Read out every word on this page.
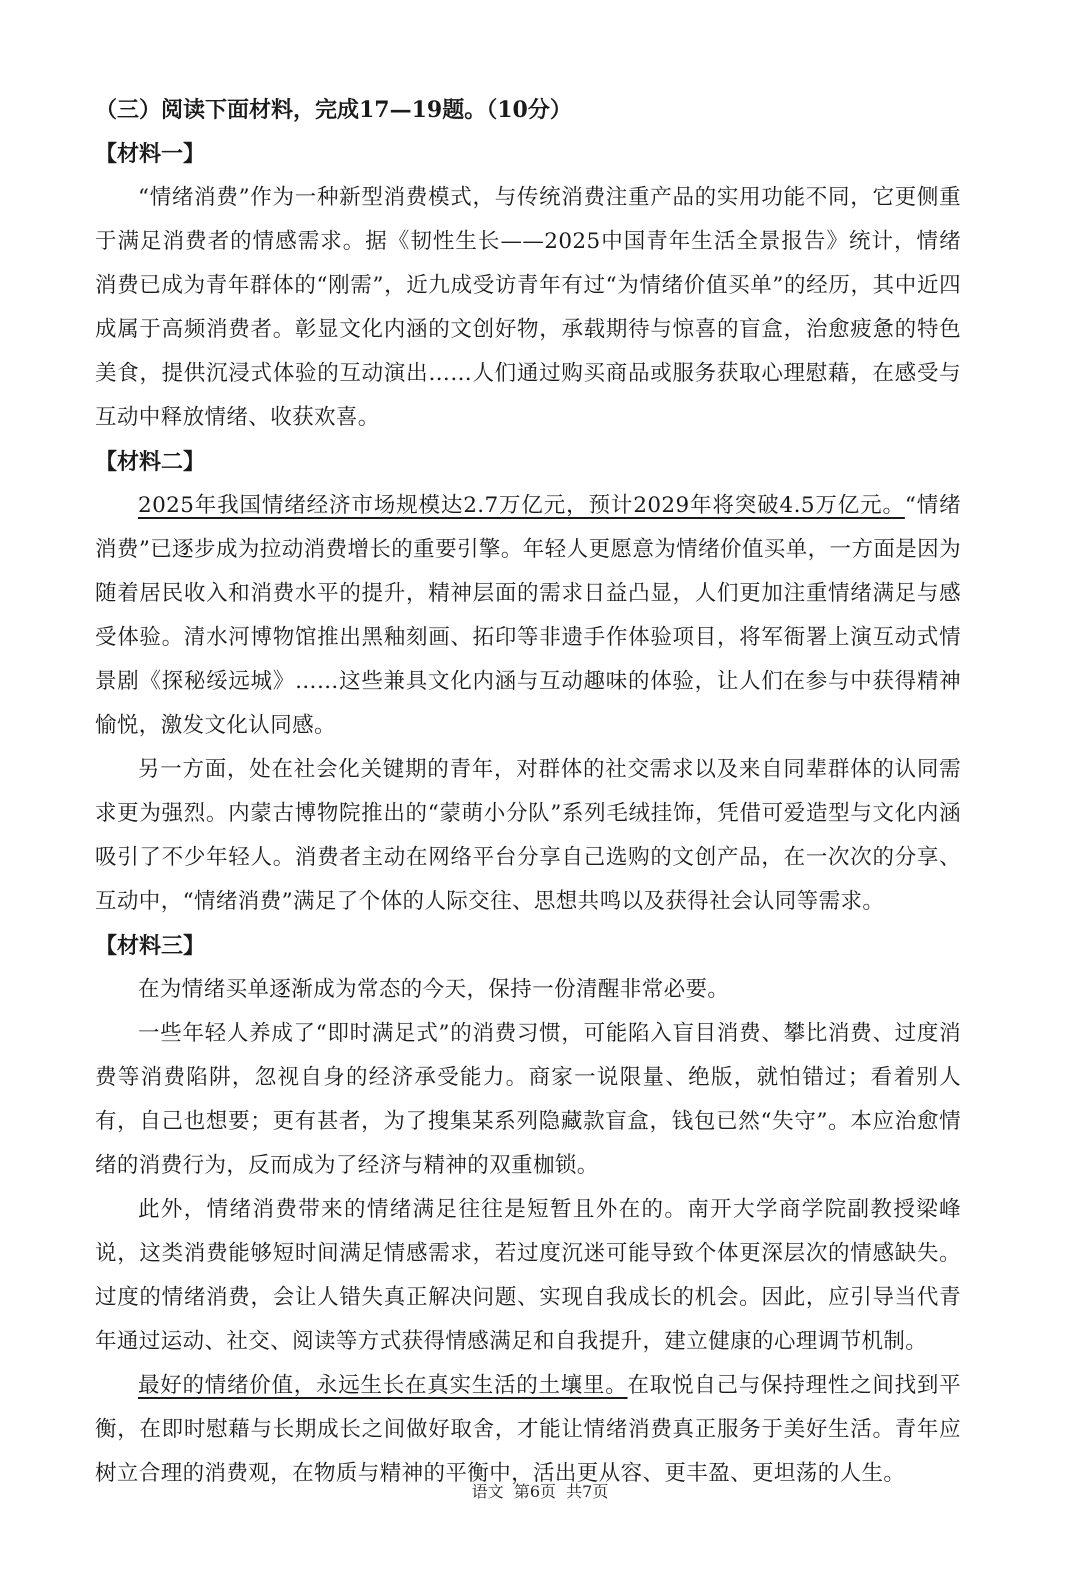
（三）阅读下面材料，完成17—19题。（10分）

【材料一】

“情绪消费”作为一种新型消费模式，与传统消费注重产品的实用功能不同，它更侧重于满足消费者的情感需求。据《韧性生长——2025中国青年生活全景报告》统计，情绪消费已成为青年群体的“刚需”，近九成受访青年有过“为情绪价值买单”的经历，其中近四成属于高频消费者。彰显文化内涵的文创好物，承载期待与惊喜的盲盒，治愈疲惫的特色美食，提供沉浸式体验的互动演出……人们通过购买商品或服务获取心理慰藉，在感受与互动中释放情绪、收获欢喜。

【材料二】

2025年我国情绪经济市场规模达2.7万亿元，预计2029年将突破4.5万亿元。“情绪消费”已逐步成为拉动消费增长的重要引擎。年轻人更愿意为情绪价值买单，一方面是因为随着居民收入和消费水平的提升，精神层面的需求日益凸显，人们更加注重情绪满足与感受体验。清水河博物馆推出黑釉刻画、拓印等非遗手作体验项目，将军衙署上演互动式情景剧《探秘绥远城》……这些兼具文化内涵与互动趣味的体验，让人们在参与中获得精神愉悦，激发文化认同感。

另一方面，处在社会化关键期的青年，对群体的社交需求以及来自同辈群体的认同需求更为强烈。内蒙古博物院推出的“蒙萌小分队”系列毛绒挂饰，凭借可爱造型与文化内涵吸引了不少年轻人。消费者主动在网络平台分享自己选购的文创产品，在一次次的分享、互动中，“情绪消费”满足了个体的人际交往、思想共鸣以及获得社会认同等需求。

【材料三】

在为情绪买单逐渐成为常态的今天，保持一份清醒非常必要。

一些年轻人养成了“即时满足式”的消费习惯，可能陷入盲目消费、攀比消费、过度消费等消费陷阱，忽视自身的经济承受能力。商家一说限量、绝版，就怕错过；看着别人有，自己也想要；更有甚者，为了搜集某系列隐藏款盲盒，钱包已然“失守”。本应治愈情绪的消费行为，反而成为了经济与精神的双重枷锁。

此外，情绪消费带来的情绪满足往往是短暂且外在的。南开大学商学院副教授梁峰说，这类消费能够短时间满足情感需求，若过度沉迷可能导致个体更深层次的情感缺失。过度的情绪消费，会让人错失真正解决问题、实现自我成长的机会。因此，应引导当代青年通过运动、社交、阅读等方式获得情感满足和自我提升，建立健康的心理调节机制。

最好的情绪价值，永远生长在真实生活的土壤里。在取悦自己与保持理性之间找到平衡，在即时慰藉与长期成长之间做好取舍，才能让情绪消费真正服务于美好生活。青年应树立合理的消费观，在物质与精神的平衡中，活出更从容、更丰盈、更坦荡的人生。

语文 第6页 共7页
